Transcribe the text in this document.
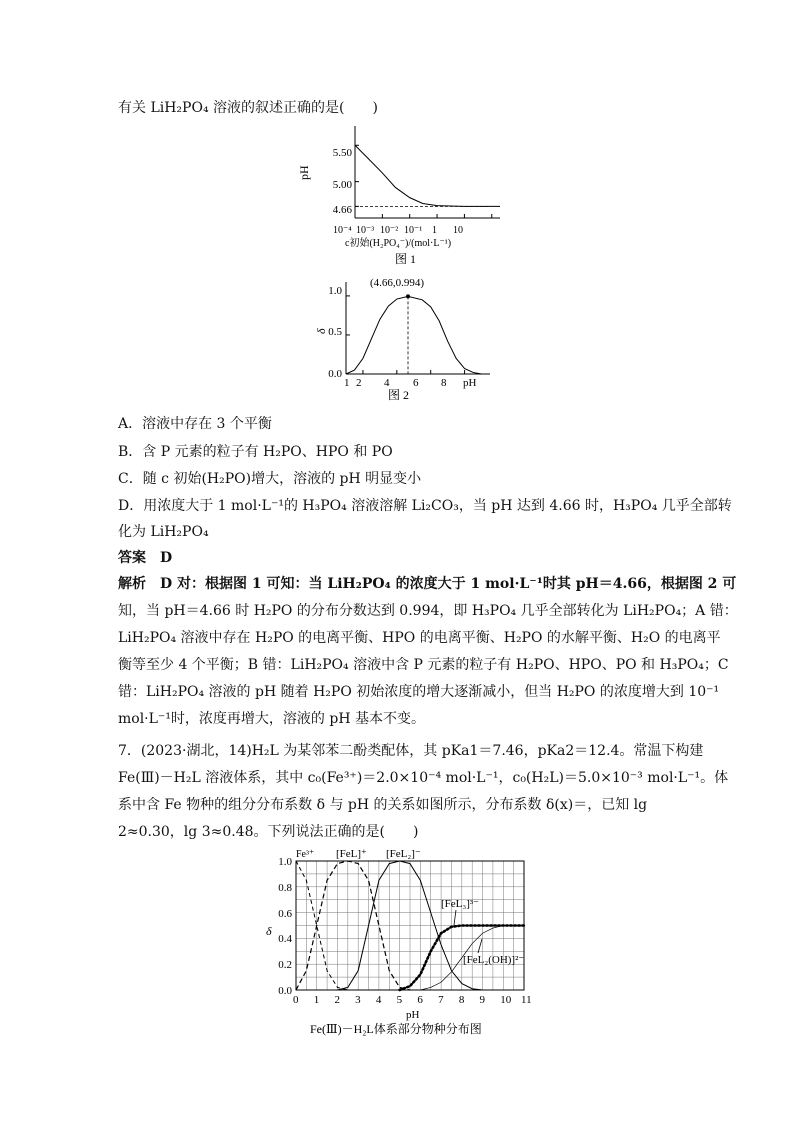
有关 LiH₂PO₄ 溶液的叙述正确的是(　　)
pH
5.50
5.00
4.66
10⁻⁴ 10⁻³ 10⁻² 10⁻¹ 1 10
c初始(H₂PO₄⁻)/(mol·L⁻¹)
图 1
(4.66,0.994)
δ
1.0
0.5
0.0
1 2 4 6 8 pH
图 2
A．溶液中存在 3 个平衡
B．含 P 元素的粒子有 H₂PO、HPO 和 PO
C．随 c 初始(H₂PO)增大，溶液的 pH 明显变小
D．用浓度大于 1 mol·L⁻¹的 H₃PO₄ 溶液溶解 Li₂CO₃，当 pH 达到 4.66 时，H₃PO₄ 几乎全部转
化为 LiH₂PO₄
答案　D
解析　D 对：根据图 1 可知：当 LiH₂PO₄ 的浓度大于 1 mol·L⁻¹时其 pH＝4.66，根据图 2 可
知，当 pH＝4.66 时 H₂PO 的分布分数达到 0.994，即 H₃PO₄ 几乎全部转化为 LiH₂PO₄；A 错：
LiH₂PO₄ 溶液中存在 H₂PO 的电离平衡、HPO 的电离平衡、H₂PO 的水解平衡、H₂O 的电离平
衡等至少 4 个平衡；B 错：LiH₂PO₄ 溶液中含 P 元素的粒子有 H₂PO、HPO、PO 和 H₃PO₄；C
错：LiH₂PO₄ 溶液的 pH 随着 H₂PO 初始浓度的增大逐渐减小，但当 H₂PO 的浓度增大到 10⁻¹
mol·L⁻¹时，浓度再增大，溶液的 pH 基本不变。
7．(2023·湖北，14)H₂L 为某邻苯二酚类配体，其 pKa1＝7.46，pKa2＝12.4。常温下构建
Fe(Ⅲ)－H₂L 溶液体系，其中 c₀(Fe³⁺)＝2.0×10⁻⁴ mol·L⁻¹，c₀(H₂L)＝5.0×10⁻³ mol·L⁻¹。体
系中含 Fe 物种的组分分布系数 δ 与 pH 的关系如图所示，分布系数 δ(x)＝，已知 lg
2≈0.30，lg 3≈0.48。下列说法正确的是(　　)
δ
1.0
0.8
0.6
0.4
0.2
0.0
0 1 2 3 4 5 6 7 8 9 10 11
pH
Fe³⁺ [FeL]⁺ [FeL₂]⁻
[FeL₃]³⁻
[FeL₂(OH)]²⁻
Fe(Ⅲ)－H₂L体系部分物种分布图
